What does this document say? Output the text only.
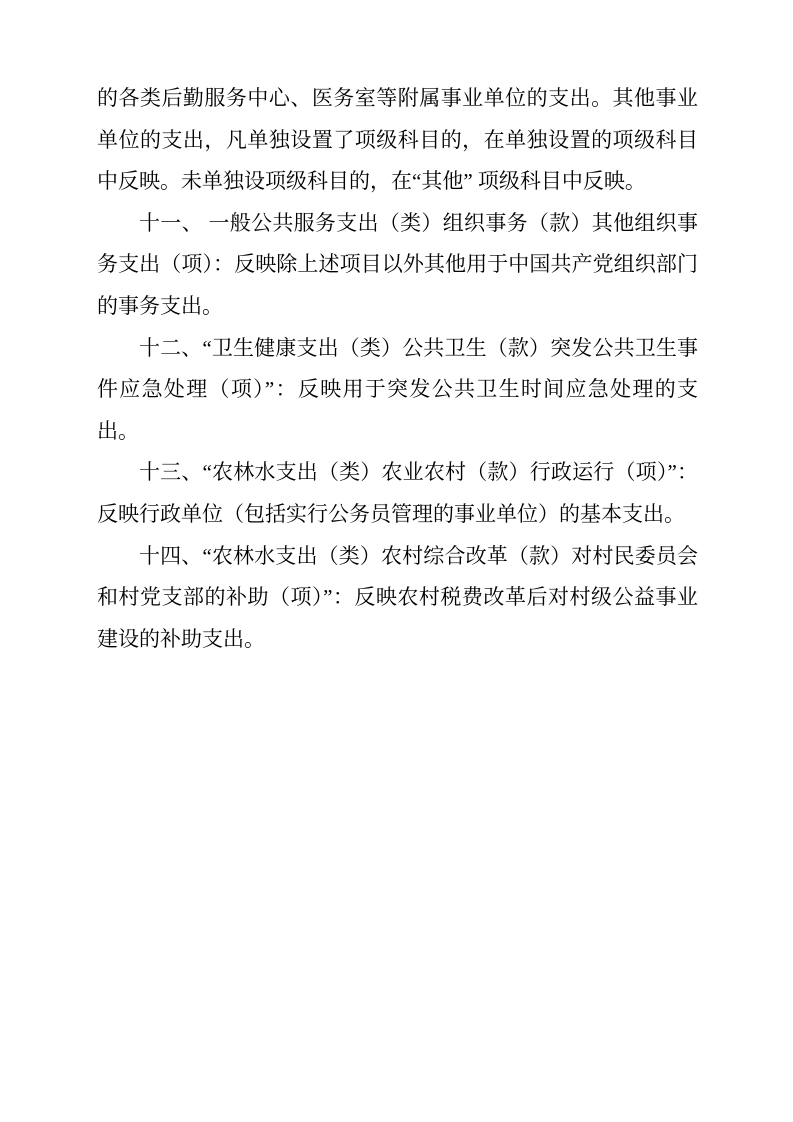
的各类后勤服务中心、医务室等附属事业单位的支出。其他事业单位的支出，凡单独设置了项级科目的，在单独设置的项级科目中反映。未单独设项级科目的，在“其他” 项级科目中反映。

十一、 一般公共服务支出（类）组织事务（款）其他组织事务支出（项）：反映除上述项目以外其他用于中国共产党组织部门的事务支出。

十二、“卫生健康支出（类）公共卫生（款）突发公共卫生事件应急处理（项）”：反映用于突发公共卫生时间应急处理的支出。

十三、“农林水支出（类）农业农村（款）行政运行（项）”：反映行政单位（包括实行公务员管理的事业单位）的基本支出。

十四、“农林水支出（类）农村综合改革（款）对村民委员会和村党支部的补助（项）”：反映农村税费改革后对村级公益事业建设的补助支出。
